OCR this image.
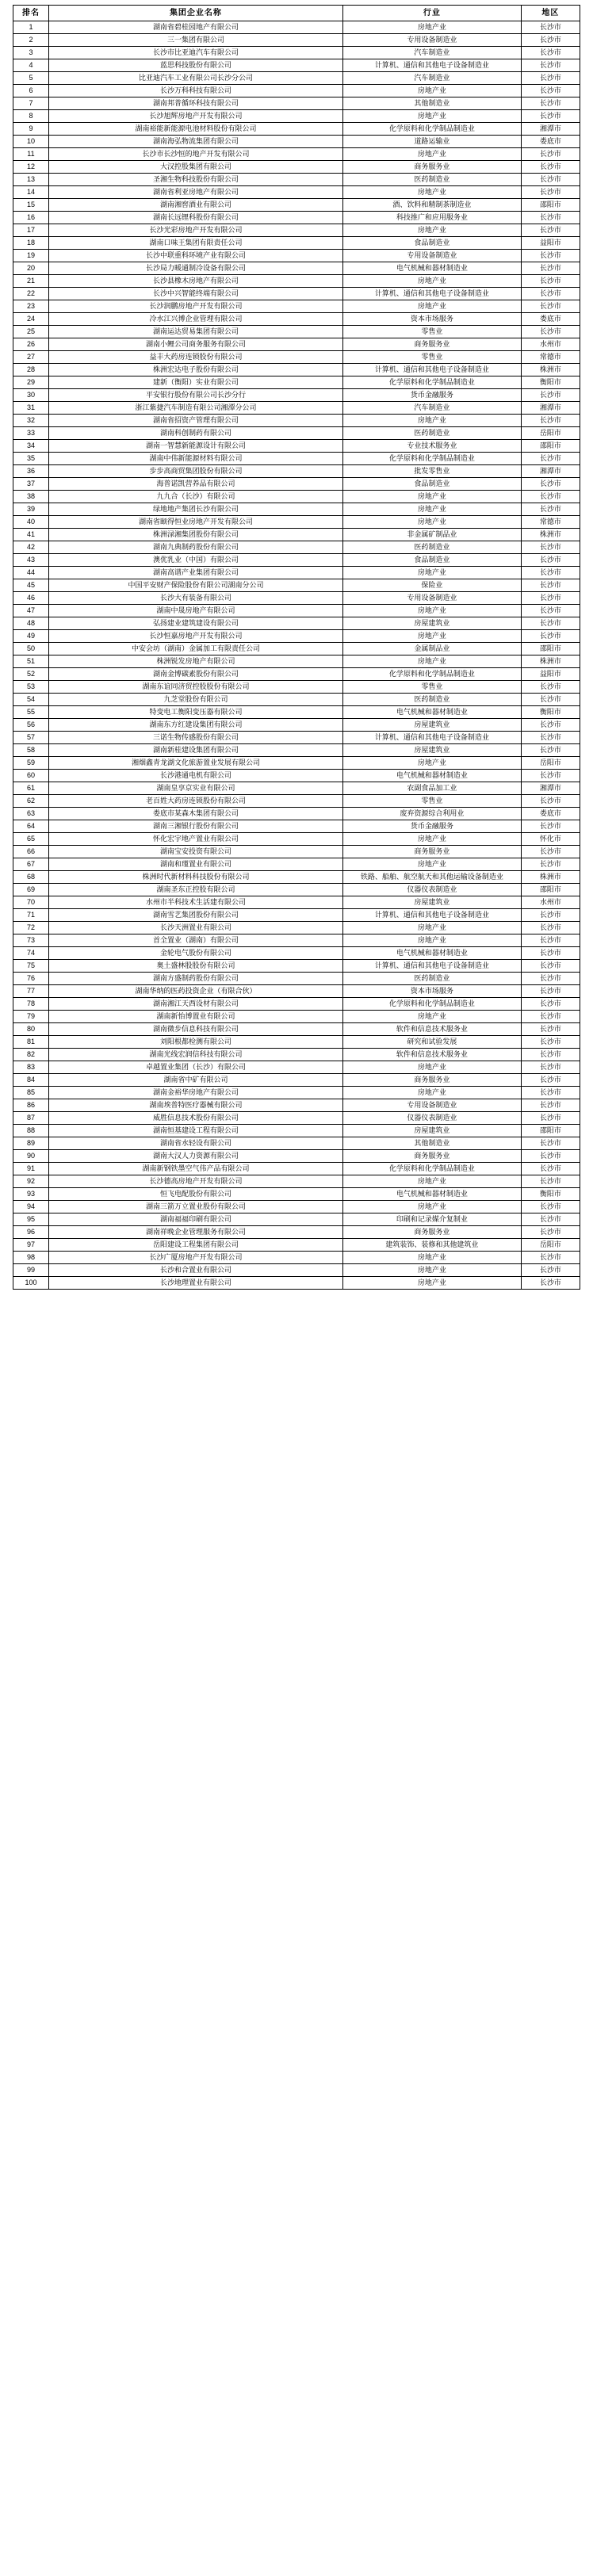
排名	集团企业名称	行业	地区
1	湖南省碧桂园地产有限公司	房地产业	长沙市
2	三一集团有限公司	专用设备制造业	长沙市
3	长沙市比亚迪汽车有限公司	汽车制造业	长沙市
4	蓝思科技股份有限公司	计算机、通信和其他电子设备制造业	长沙市
5	比亚迪汽车工业有限公司长沙分公司	汽车制造业	长沙市
6	长沙万科科技有限公司	房地产业	长沙市
7	湖南邦普循环科技有限公司	其他制造业	长沙市
8	长沙旭辉房地产开发有限公司	房地产业	长沙市
9	湖南裕能新能源电池材料股份有限公司	化学原料和化学制品制造业	湘潭市
10	湖南海弘物流集团有限公司	道路运输业	娄底市
11	长沙市长沙恒的地产开发有限公司	房地产业	长沙市
12	大汉控股集团有限公司	商务服务业	长沙市
13	圣湘生物科技股份有限公司	医药制造业	长沙市
14	湖南省利亚房地产有限公司	房地产业	长沙市
15	湖南湘窖酒业有限公司	酒、饮料和精制茶制造业	邵阳市
16	湖南长远锂科股份有限公司	科技推广和应用服务业	长沙市
17	长沙光彩房地产开发有限公司	房地产业	长沙市
18	湖南口味王集团有限责任公司	食品制造业	益阳市
19	长沙中联重科环境产业有限公司	专用设备制造业	长沙市
20	长沙局力暖通制冷设备有限公司	电气机械和器材制造业	长沙市
21	长沙县橡木房地产有限公司	房地产业	长沙市
22	长沙中兴智能终端有限公司	计算机、通信和其他电子设备制造业	长沙市
23	长沙润鹏房地产开发有限公司	房地产业	长沙市
24	冷水江兴博企业管理有限公司	资本市场服务	娄底市
25	湖南运达贸易集团有限公司	零售业	长沙市
26	湖南小鲤公司商务服务有限公司	商务服务业	水州市
27	益丰大药房连锁股份有限公司	零售业	常德市
28	株洲宏达电子股份有限公司	计算机、通信和其他电子设备制造业	株洲市
29	建新（衡阳）实业有限公司	化学原料和化学制品制造业	衡阳市
30	平安银行股份有限公司长沙分行	货币金融服务	长沙市
31	浙江紫捷汽车制造有限公司湘潭分公司	汽车制造业	湘潭市
32	湖南省招资产管理有限公司	房地产业	长沙市
33	湖南科创制药有限公司	医药制造业	岳阳市
34	湖南一智慧新能源设计有限公司	专业技术服务业	邵阳市
35	湖南中伟新能源材料有限公司	化学原料和化学制品制造业	长沙市
36	步步高商贸集团股份有限公司	批发零售业	湘潭市
37	海普诺凯营养品有限公司	食品制造业	长沙市
38	九九合（长沙）有限公司	房地产业	长沙市
39	绿地地产集团长沙有限公司	房地产业	长沙市
40	湖南省颐得恒业房地产开发有限公司	房地产业	常德市
41	株洲渌湘集团股份有限公司	非金属矿制品业	株洲市
42	湖南九典制药股份有限公司	医药制造业	长沙市
43	澳优乳业（中国）有限公司	食品制造业	长沙市
44	湖南高谱产业集团有限公司	房地产业	长沙市
45	中国平安财产保险股份有限公司湖南分公司	保险业	长沙市
46	长沙大有装备有限公司	专用设备制造业	长沙市
47	湖南中晟房地产有限公司	房地产业	长沙市
48	弘扬建业建筑建设有限公司	房屋建筑业	长沙市
49	长沙恒嘉房地产开发有限公司	房地产业	长沙市
50	中安会坊（湖南）金属加工有限责任公司	金属制品业	邵阳市
51	株洲锐发房地产有限公司	房地产业	株洲市
52	湖南金博碳素股份有限公司	化学原料和化学制品制造业	益阳市
53	湖南东谊同济贸控股股份有限公司	零售业	长沙市
54	九芝堂股份有限公司	医药制造业	长沙市
55	特变电工衡阳变压器有限公司	电气机械和器材制造业	衡阳市
56	湖南东方红建设集团有限公司	房屋建筑业	长沙市
57	三诺生物传感股份有限公司	计算机、通信和其他电子设备制造业	长沙市
58	湖南新桂建设集团有限公司	房屋建筑业	长沙市
59	湘烟鑫青龙湖文化旅游置业发展有限公司	房地产业	岳阳市
60	长沙港通电机有限公司	电气机械和器材制造业	长沙市
61	湖南皇享京实业有限公司	农副食品加工业	湘潭市
62	老百姓大药房连锁股份有限公司	零售业	长沙市
63	娄底市某森木集团有限公司	废弃资源综合利用业	娄底市
64	湖南三湘银行股份有限公司	货币金融服务	长沙市
65	怀化宏宇地产置业有限公司	房地产业	怀化市
66	湖南宝安投资有限公司	商务服务业	长沙市
67	湖南和瑾置业有限公司	房地产业	长沙市
68	株洲时代新材料科技股份有限公司	铁路、船舶、航空航天和其他运输设备制造业	株洲市
69	湖南圣东正控股有限公司	仪器仪表制造业	邵阳市
70	水州市半科技术生活建有限公司	房屋建筑业	水州市
71	湖南雪艺集团股份有限公司	计算机、通信和其他电子设备制造业	长沙市
72	长沙天洲置业有限公司	房地产业	长沙市
73	首全置业（湖南）有限公司	房地产业	长沙市
74	金轮电气股份有限公司	电气机械和器材制造业	长沙市
75	奥土盛林股股份有限公司	计算机、通信和其他电子设备制造业	长沙市
76	湖南方盛制药股份有限公司	医药制造业	长沙市
77	湖南华纳的医药投资企业（有限合伙）	资本市场服务	长沙市
78	湖南湘江天西设材有限公司	化学原料和化学制品制造业	长沙市
79	湖南新怡博置业有限公司	房地产业	长沙市
80	湖南微步信息科技有限公司	软件和信息技术服务业	长沙市
81	刘阳根都检测有限公司	研究和试验发展	长沙市
82	湖南光线宏润信科技有限公司	软件和信息技术服务业	长沙市
83	卓越置业集团（长沙）有限公司	房地产业	长沙市
84	湖南省中矿有限公司	商务服务业	长沙市
85	湖南金裕华房地产有限公司	房地产业	长沙市
86	湖南埃普特医疗器械有限公司	专用设备制造业	长沙市
87	威胜信息技术股份有限公司	仪器仪表制造业	长沙市
88	湖南恒基建设工程有限公司	房屋建筑业	邵阳市
89	湖南省水轻设有限公司	其他制造业	长沙市
90	湖南大汉人力资源有限公司	商务服务业	长沙市
91	湖南新钢铁墨空气伟产品有限公司	化学原料和化学制品制造业	长沙市
92	长沙德高房地产开发有限公司	房地产业	长沙市
93	恒飞电配股份有限公司	电气机械和器材制造业	衡阳市
94	湖南三箭万立置业股份有限公司	房地产业	长沙市
95	湖南福福印刷有限公司	印刷和记录媒介复制业	长沙市
96	湖南祥晚企业管理服务有限公司	商务服务业	长沙市
97	岳阳建设工程集团有限公司	建筑装饰、装修和其他建筑业	岳阳市
98	长沙广厦房地产开发有限公司	房地产业	长沙市
99	长沙和合置业有限公司	房地产业	长沙市
100	长沙地理置业有限公司	房地产业	长沙市
